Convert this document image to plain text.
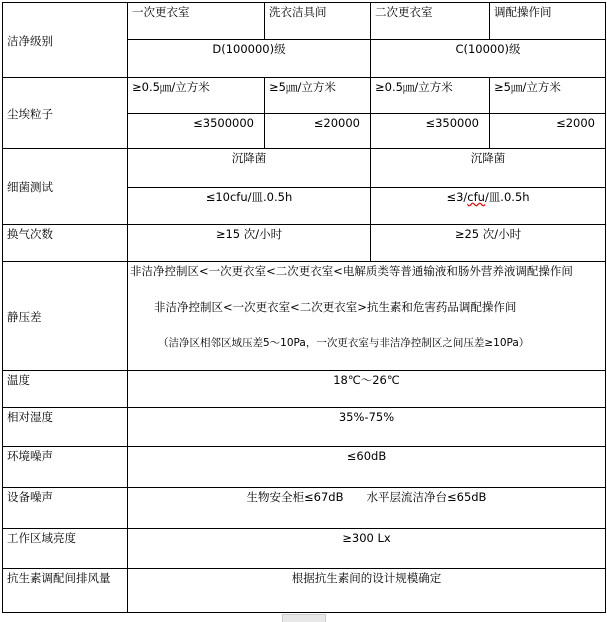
洁净级别	一次更衣室	洗衣洁具间	二次更衣室	调配操作间
	D(100000)级		C(10000)级	
尘埃粒子	≥0.5㎛/立方米	≥5㎛/立方米	≥0.5㎛/立方米	≥5㎛/立方米
	≤3500000	≤20000	≤350000	≤2000
细菌测试	沉降菌		沉降菌	
	≤10cfu/皿.0.5h		≤3/cfu/皿.0.5h	
换气次数	≥15 次/小时		≥25 次/小时	
静压差	非洁净控制区<一次更衣室<二次更衣室<电解质类等普通输液和肠外营养液调配操作间
非洁净控制区<一次更衣室<二次更衣室>抗生素和危害药品调配操作间
（洁净区相邻区域压差5～10Pa，一次更衣室与非洁净控制区之间压差≥10Pa）			

温度	18℃～26℃			
相对湿度	35%-75%			
环境噪声	≤60dB			
设备噪声	生物安全柜≤67dB　　水平层流洁净台≤65dB			
工作区域亮度	≥300 Lx			
抗生素调配间排风量	根据抗生素间的设计规模确定			
